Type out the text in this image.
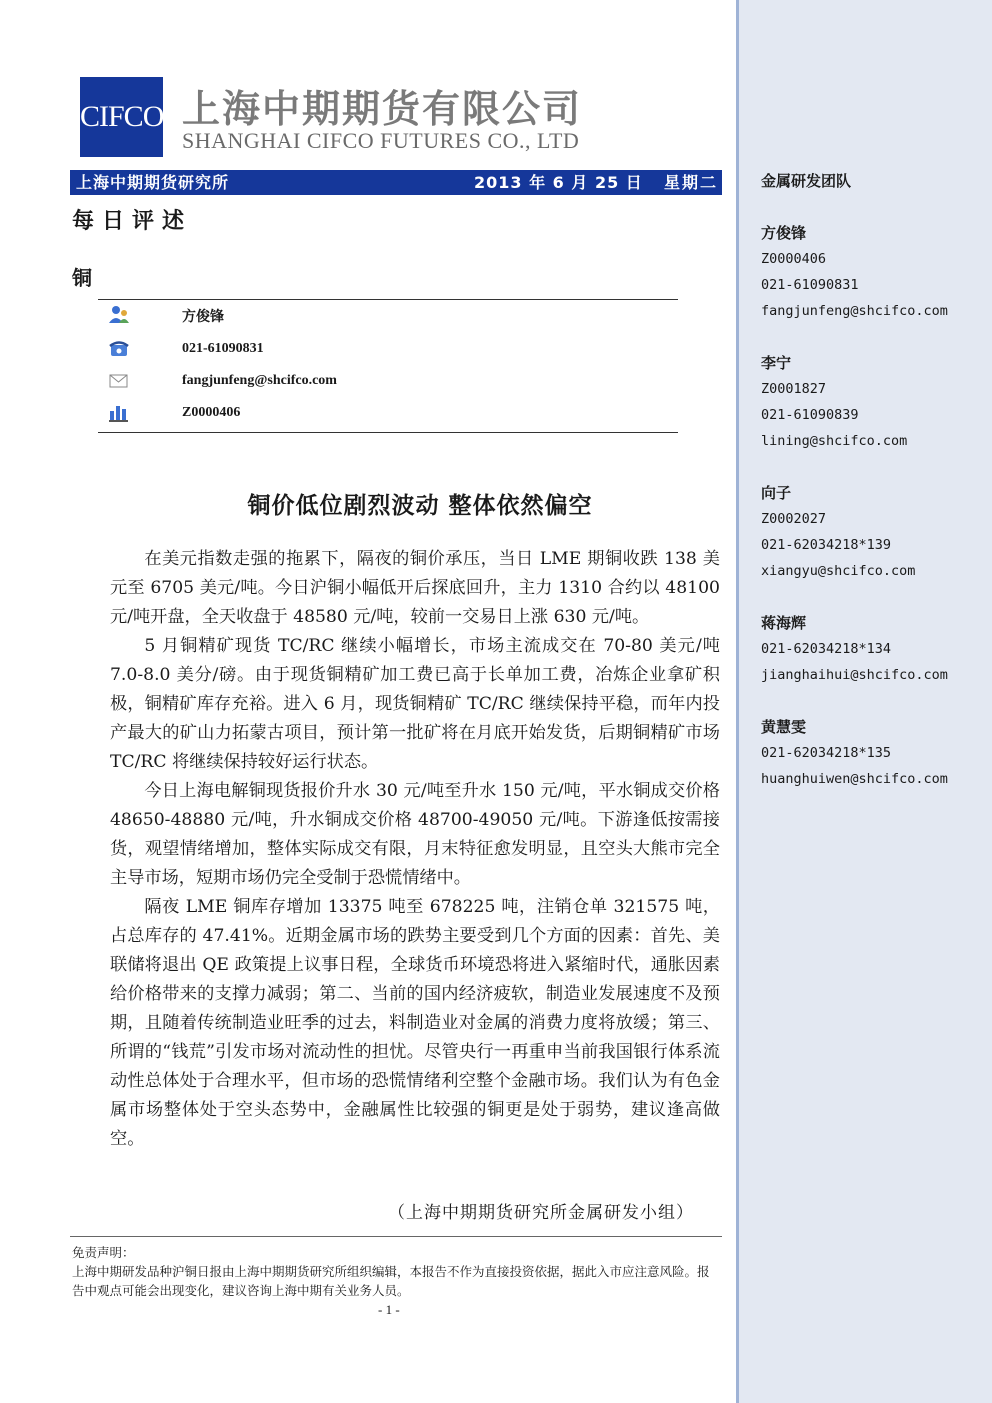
金属研发团队
方俊锋
Z0000406
021-61090831
fangjunfeng@shcifco.com
李宁
Z0001827
021-61090839
lining@shcifco.com
向子
Z0002027
021-62034218*139
xiangyu@shcifco.com
蒋海辉
021-62034218*134
jianghaihui@shcifco.com
黄慧雯
021-62034218*135
huanghuiwen@shcifco.com
CIFCO 上海中期期货有限公司
SHANGHAI CIFCO FUTURES CO., LTD
上海中期期货研究所	2013 年 6 月 25 日 星期二
每日评述
铜
方俊锋
021-61090831
fangjunfeng@shcifco.com
Z0000406
铜价低位剧烈波动 整体依然偏空

在美元指数走强的拖累下，隔夜的铜价承压，当日 LME 期铜收跌 138 美元至 6705 美元/吨。今日沪铜小幅低开后探底回升，主力 1310 合约以 48100 元/吨开盘，全天收盘于 48580 元/吨，较前一交易日上涨 630 元/吨。

5 月铜精矿现货 TC/RC 继续小幅增长，市场主流成交在 70-80 美元/吨 7.0-8.0 美分/磅。由于现货铜精矿加工费已高于长单加工费，冶炼企业拿矿积极，铜精矿库存充裕。进入 6 月，现货铜精矿 TC/RC 继续保持平稳，而年内投产最大的矿山力拓蒙古项目，预计第一批矿将在月底开始发货，后期铜精矿市场 TC/RC 将继续保持较好运行状态。

今日上海电解铜现货报价升水 30 元/吨至升水 150 元/吨，平水铜成交价格 48650-48880 元/吨，升水铜成交价格 48700-49050 元/吨。下游逢低按需接货，观望情绪增加，整体实际成交有限，月末特征愈发明显，且空头大熊市完全主导市场，短期市场仍完全受制于恐慌情绪中。

隔夜 LME 铜库存增加 13375 吨至 678225 吨，注销仓单 321575 吨，占总库存的 47.41%。近期金属市场的跌势主要受到几个方面的因素：首先、美联储将退出 QE 政策提上议事日程，全球货币环境恐将进入紧缩时代，通胀因素给价格带来的支撑力减弱；第二、当前的国内经济疲软，制造业发展速度不及预期，且随着传统制造业旺季的过去，料制造业对金属的消费力度将放缓；第三、所谓的“钱荒”引发市场对流动性的担忧。尽管央行一再重申当前我国银行体系流动性总体处于合理水平，但市场的恐慌情绪利空整个金融市场。我们认为有色金属市场整体处于空头态势中，金融属性比较强的铜更是处于弱势，建议逢高做空。

（上海中期期货研究所金属研发小组）
免责声明：
上海中期研发品种沪铜日报由上海中期期货研究所组织编辑，本报告不作为直接投资依据，据此入市应注意风险。报告中观点可能会出现变化，建议咨询上海中期有关业务人员。
- 1 -
